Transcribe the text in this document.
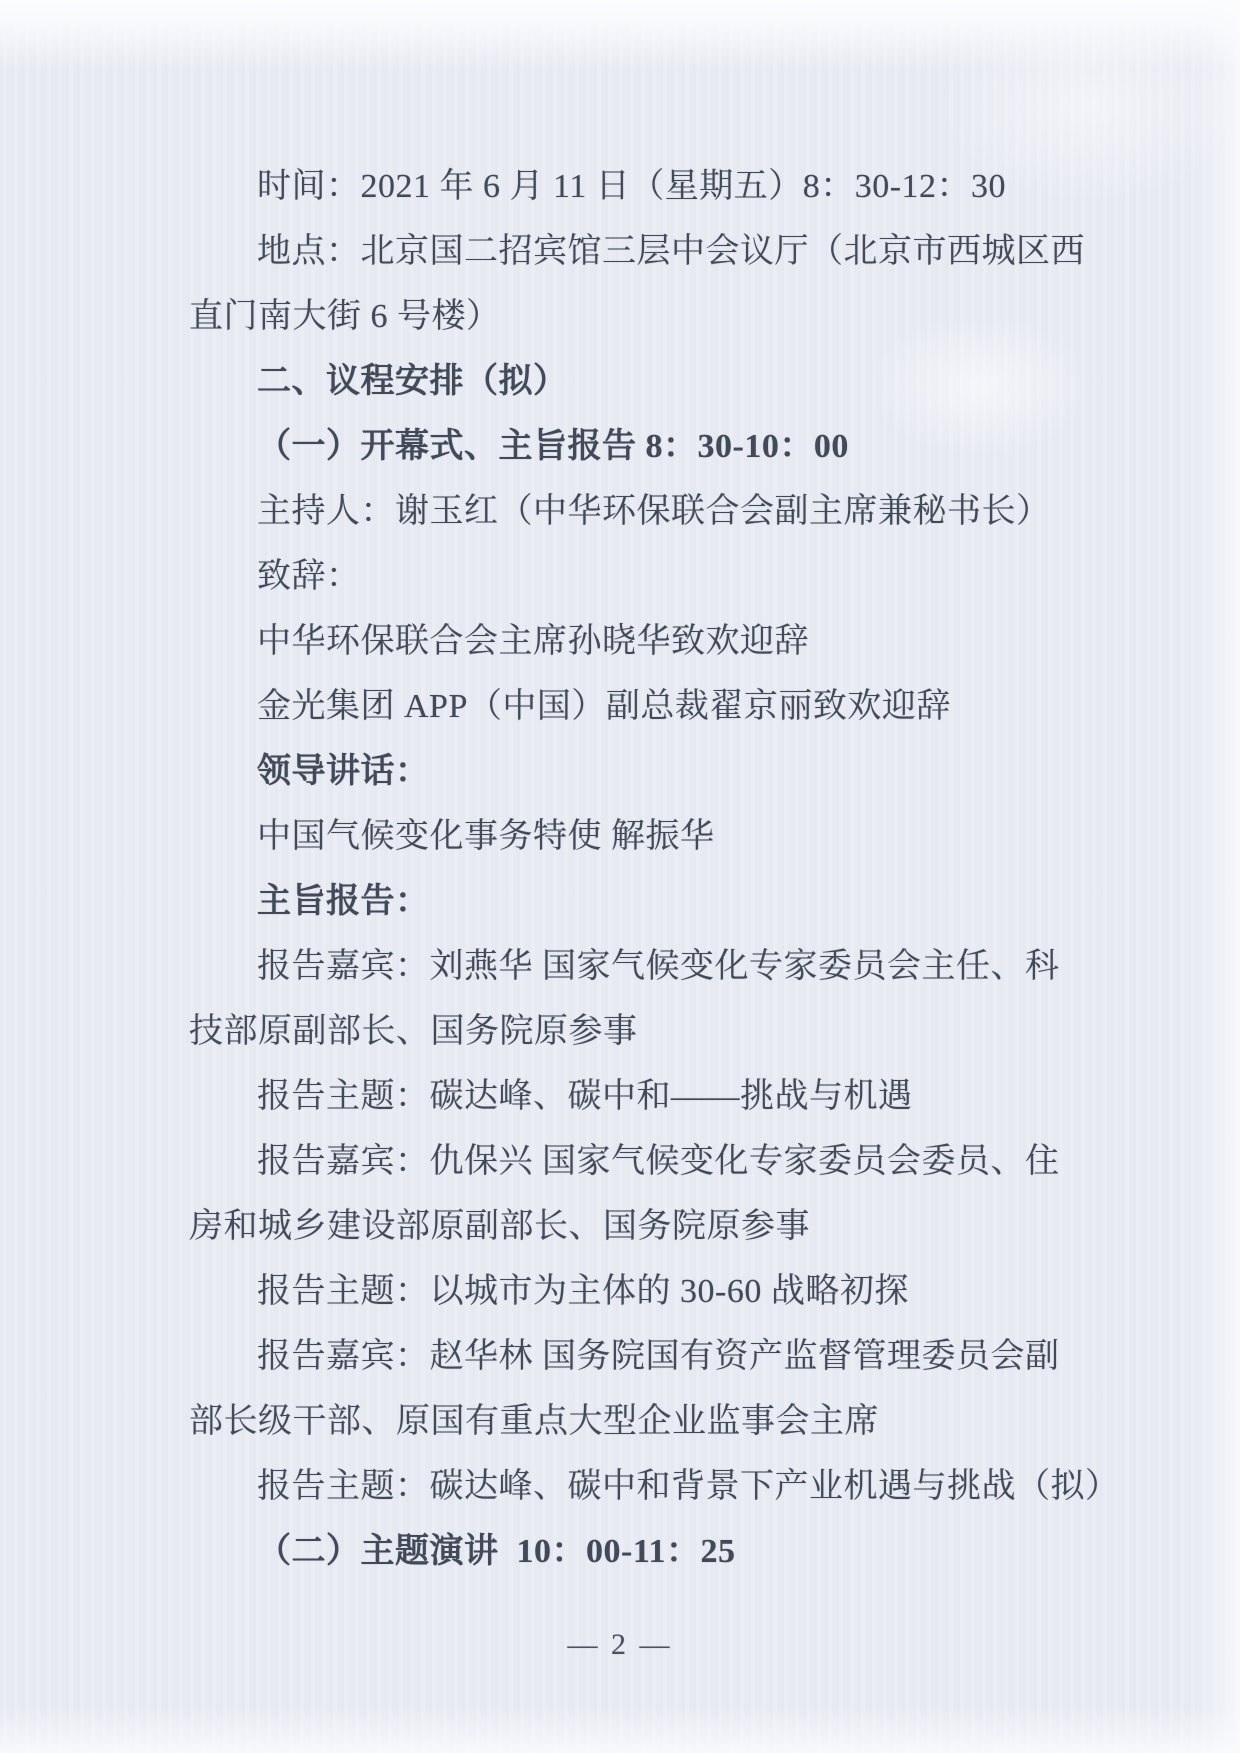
时间：2021 年 6 月 11 日（星期五）8：30-12：30

地点：北京国二招宾馆三层中会议厅（北京市西城区西

直门南大街 6 号楼）

二、议程安排（拟）

（一）开幕式、主旨报告 8：30-10：00

主持人：谢玉红（中华环保联合会副主席兼秘书长）

致辞：

中华环保联合会主席孙晓华致欢迎辞

金光集团 APP（中国）副总裁翟京丽致欢迎辞

领导讲话：

中国气候变化事务特使 解振华

主旨报告：

报告嘉宾：刘燕华 国家气候变化专家委员会主任、科

技部原副部长、国务院原参事

报告主题：碳达峰、碳中和——挑战与机遇

报告嘉宾：仇保兴 国家气候变化专家委员会委员、住

房和城乡建设部原副部长、国务院原参事

报告主题：以城市为主体的 30-60 战略初探

报告嘉宾：赵华林 国务院国有资产监督管理委员会副

部长级干部、原国有重点大型企业监事会主席

报告主题：碳达峰、碳中和背景下产业机遇与挑战（拟）

（二）主题演讲  10：00-11：25

— 2 —
